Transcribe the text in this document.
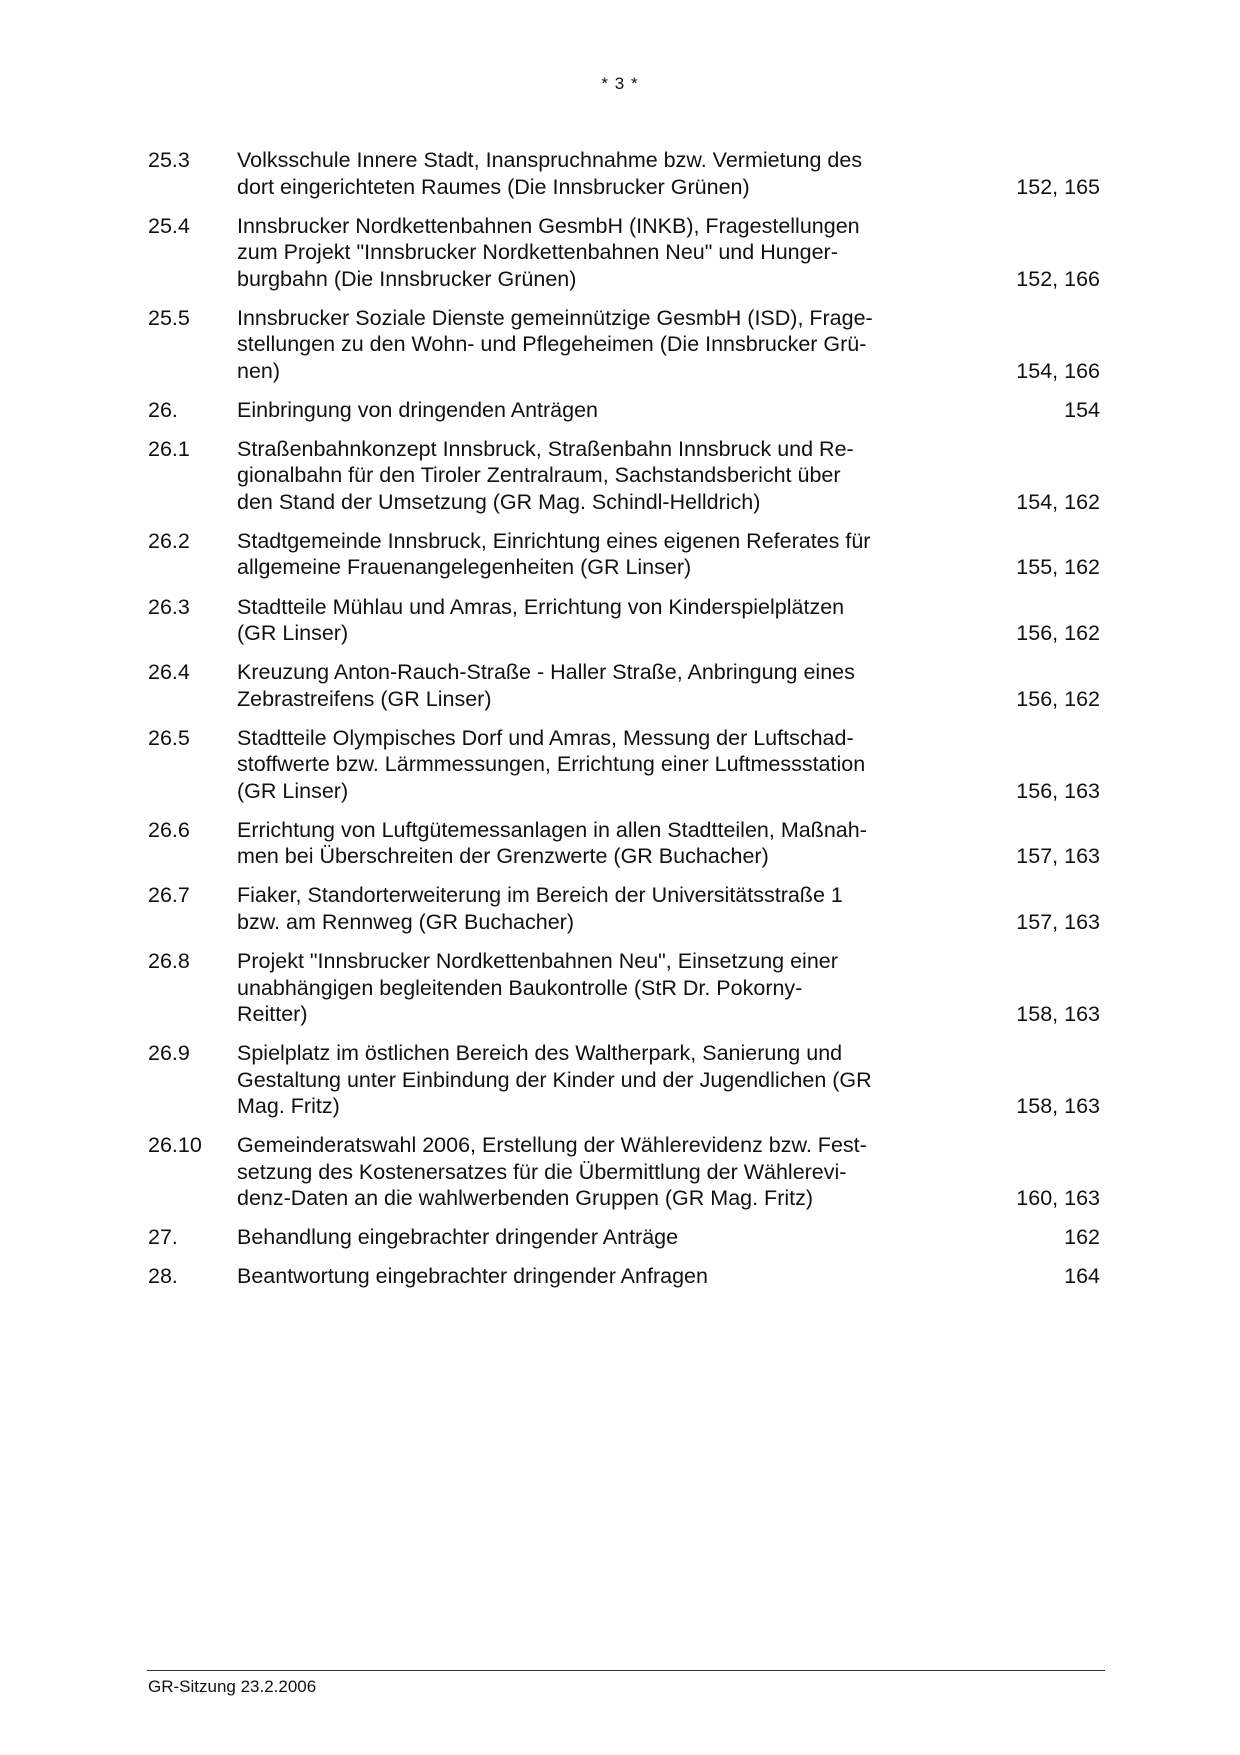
* 3 *
25.3	Volksschule Innere Stadt, Inanspruchnahme bzw. Vermietung des
dort eingerichteten Raumes (Die Innsbrucker Grünen)	152, 165
25.4	Innsbrucker Nordkettenbahnen GesmbH (INKB), Fragestellungen
zum Projekt "Innsbrucker Nordkettenbahnen Neu" und Hunger-
burgbahn (Die Innsbrucker Grünen)	152, 166
25.5	Innsbrucker Soziale Dienste gemeinnützige GesmbH (ISD), Frage-
stellungen zu den Wohn- und Pflegeheimen (Die Innsbrucker Grü-
nen)	154, 166
26.	Einbringung von dringenden Anträgen	154
26.1	Straßenbahnkonzept Innsbruck, Straßenbahn Innsbruck und Re-
gionalbahn für den Tiroler Zentralraum, Sachstandsbericht über
den Stand der Umsetzung (GR Mag. Schindl-Helldrich)	154, 162
26.2	Stadtgemeinde Innsbruck, Einrichtung eines eigenen Referates für
allgemeine Frauenangelegenheiten (GR Linser)	155, 162
26.3	Stadtteile Mühlau und Amras, Errichtung von Kinderspielplätzen
(GR Linser)	156, 162
26.4	Kreuzung Anton-Rauch-Straße - Haller Straße, Anbringung eines
Zebrastreifens (GR Linser)	156, 162
26.5	Stadtteile Olympisches Dorf und Amras, Messung der Luftschad-
stoffwerte bzw. Lärmmessungen, Errichtung einer Luftmessstation
(GR Linser)	156, 163
26.6	Errichtung von Luftgütemessanlagen in allen Stadtteilen, Maßnah-
men bei Überschreiten der Grenzwerte (GR Buchacher)	157, 163
26.7	Fiaker, Standorterweiterung im Bereich der Universitätsstraße 1
bzw. am Rennweg (GR Buchacher)	157, 163
26.8	Projekt "Innsbrucker Nordkettenbahnen Neu", Einsetzung einer
unabhängigen begleitenden Baukontrolle (StR Dr. Pokorny-
Reitter)	158, 163
26.9	Spielplatz im östlichen Bereich des Waltherpark, Sanierung und
Gestaltung unter Einbindung der Kinder und der Jugendlichen (GR
Mag. Fritz)	158, 163
26.10	Gemeinderatswahl 2006, Erstellung der Wählerevidenz bzw. Fest-
setzung des Kostenersatzes für die Übermittlung der Wählerevi-
denz-Daten an die wahlwerbenden Gruppen (GR Mag. Fritz)	160, 163
27.	Behandlung eingebrachter dringender Anträge	162
28.	Beantwortung eingebrachter dringender Anfragen	164
GR-Sitzung 23.2.2006
